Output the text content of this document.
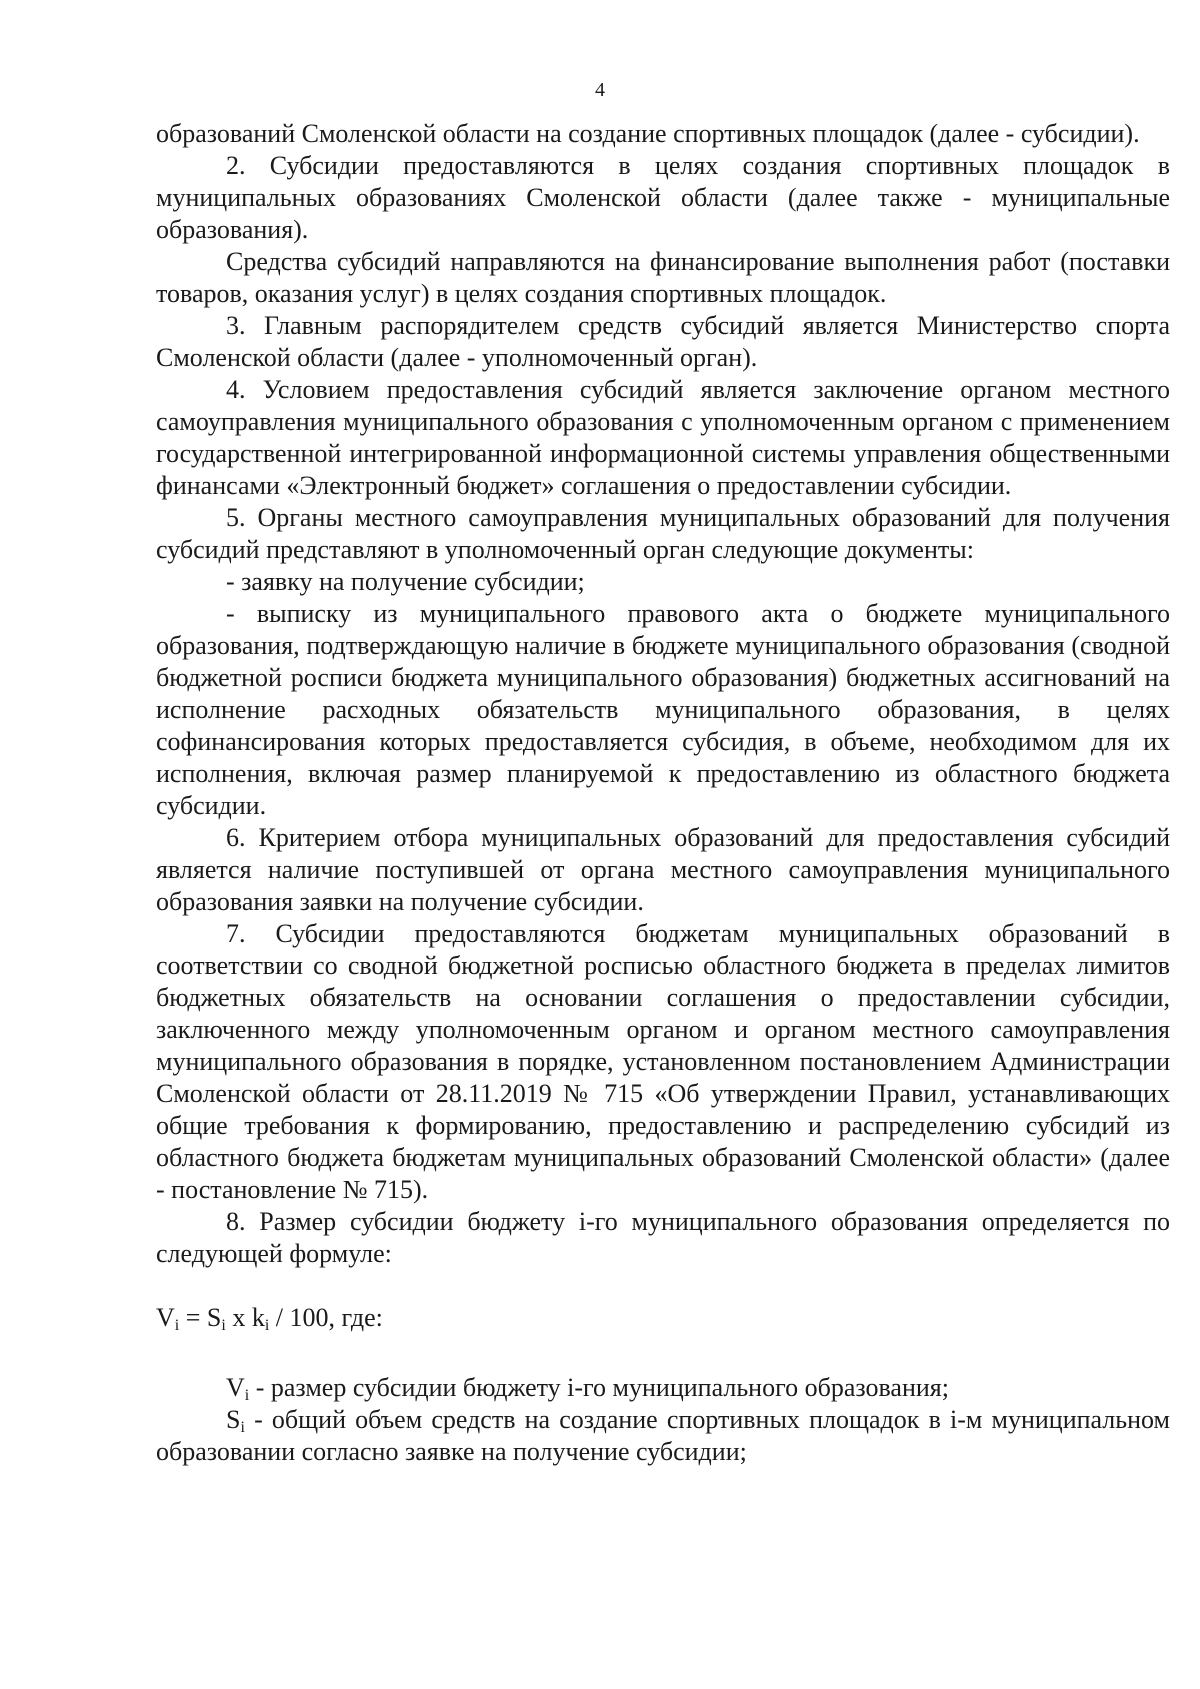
4

образований Смоленской области на создание спортивных площадок (далее - субсидии).

2. Субсидии предоставляются в целях создания спортивных площадок в муниципальных образованиях Смоленской области (далее также - муниципальные образования).

Средства субсидий направляются на финансирование выполнения работ (поставки товаров, оказания услуг) в целях создания спортивных площадок.

3. Главным распорядителем средств субсидий является Министерство спорта Смоленской области (далее - уполномоченный орган).

4. Условием предоставления субсидий является заключение органом местного самоуправления муниципального образования с уполномоченным органом с применением государственной интегрированной информационной системы управления общественными финансами «Электронный бюджет» соглашения о предоставлении субсидии.

5. Органы местного самоуправления муниципальных образований для получения субсидий представляют в уполномоченный орган следующие документы:

- заявку на получение субсидии;

- выписку из муниципального правового акта о бюджете муниципального образования, подтверждающую наличие в бюджете муниципального образования (сводной бюджетной росписи бюджета муниципального образования) бюджетных ассигнований на исполнение расходных обязательств муниципального образования, в целях софинансирования которых предоставляется субсидия, в объеме, необходимом для их исполнения, включая размер планируемой к предоставлению из областного бюджета субсидии.

6. Критерием отбора муниципальных образований для предоставления субсидий является наличие поступившей от органа местного самоуправления муниципального образования заявки на получение субсидии.

7. Субсидии предоставляются бюджетам муниципальных образований в соответствии со сводной бюджетной росписью областного бюджета в пределах лимитов бюджетных обязательств на основании соглашения о предоставлении субсидии, заключенного между уполномоченным органом и органом местного самоуправления муниципального образования в порядке, установленном постановлением Администрации Смоленской области от 28.11.2019 № 715 «Об утверждении Правил, устанавливающих общие требования к формированию, предоставлению и распределению субсидий из областного бюджета бюджетам муниципальных образований Смоленской области» (далее - постановление № 715).

8. Размер субсидии бюджету i-го муниципального образования определяется по следующей формуле:

$V_i = S_i$ x $k_i / 100$, где:

$V_i$ - размер субсидии бюджету i-го муниципального образования;

$S_i$ - общий объем средств на создание спортивных площадок в i-м муниципальном образовании согласно заявке на получение субсидии;
